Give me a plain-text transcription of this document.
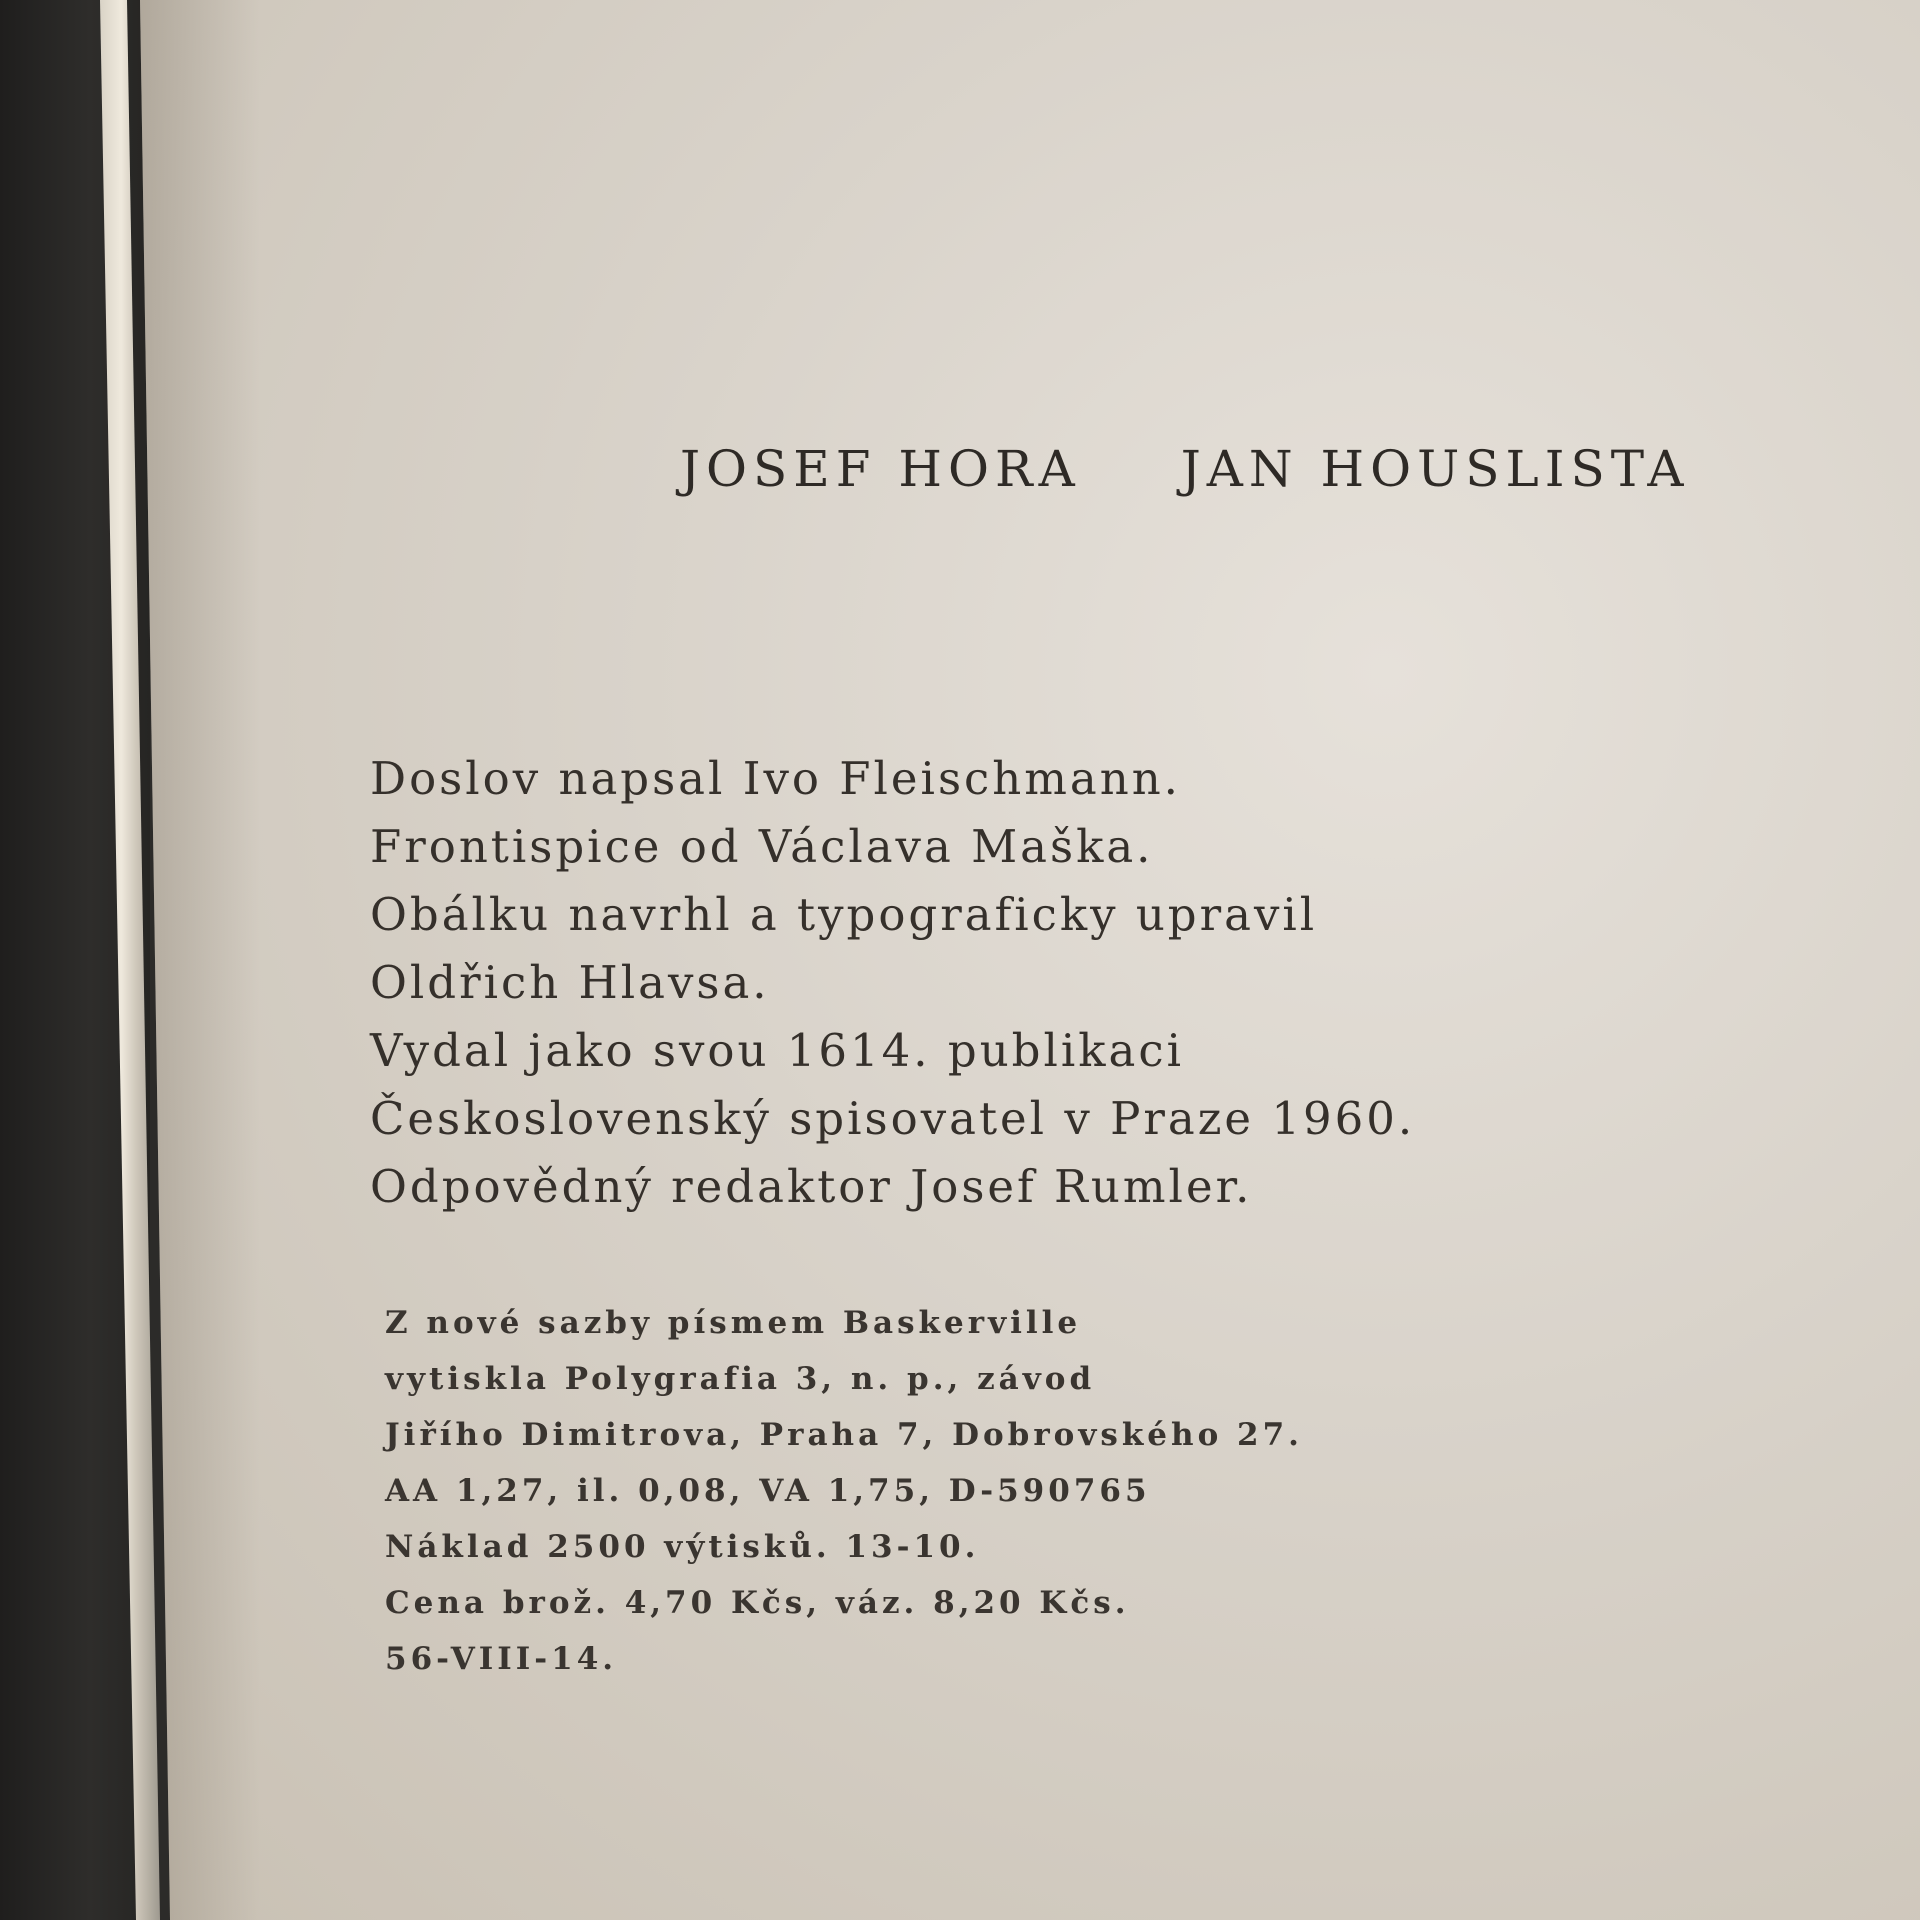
JOSEF HORA JAN HOUSLISTA
Doslov napsal Ivo Fleischmann.
Frontispice od Václava Maška.
Obálku navrhl a typograficky upravil
Oldřich Hlavsa.
Vydal jako svou 1614. publikaci
Československý spisovatel v Praze 1960.
Odpovědný redaktor Josef Rumler.
Z nové sazby písmem Baskerville
vytiskla Polygrafia 3, n. p., závod
Jiřího Dimitrova, Praha 7, Dobrovského 27.
AA 1,27, il. 0,08, VA 1,75, D-590765
Náklad 2500 výtisků. 13-10.
Cena brož. 4,70 Kčs, váz. 8,20 Kčs.
56-VIII-14.
